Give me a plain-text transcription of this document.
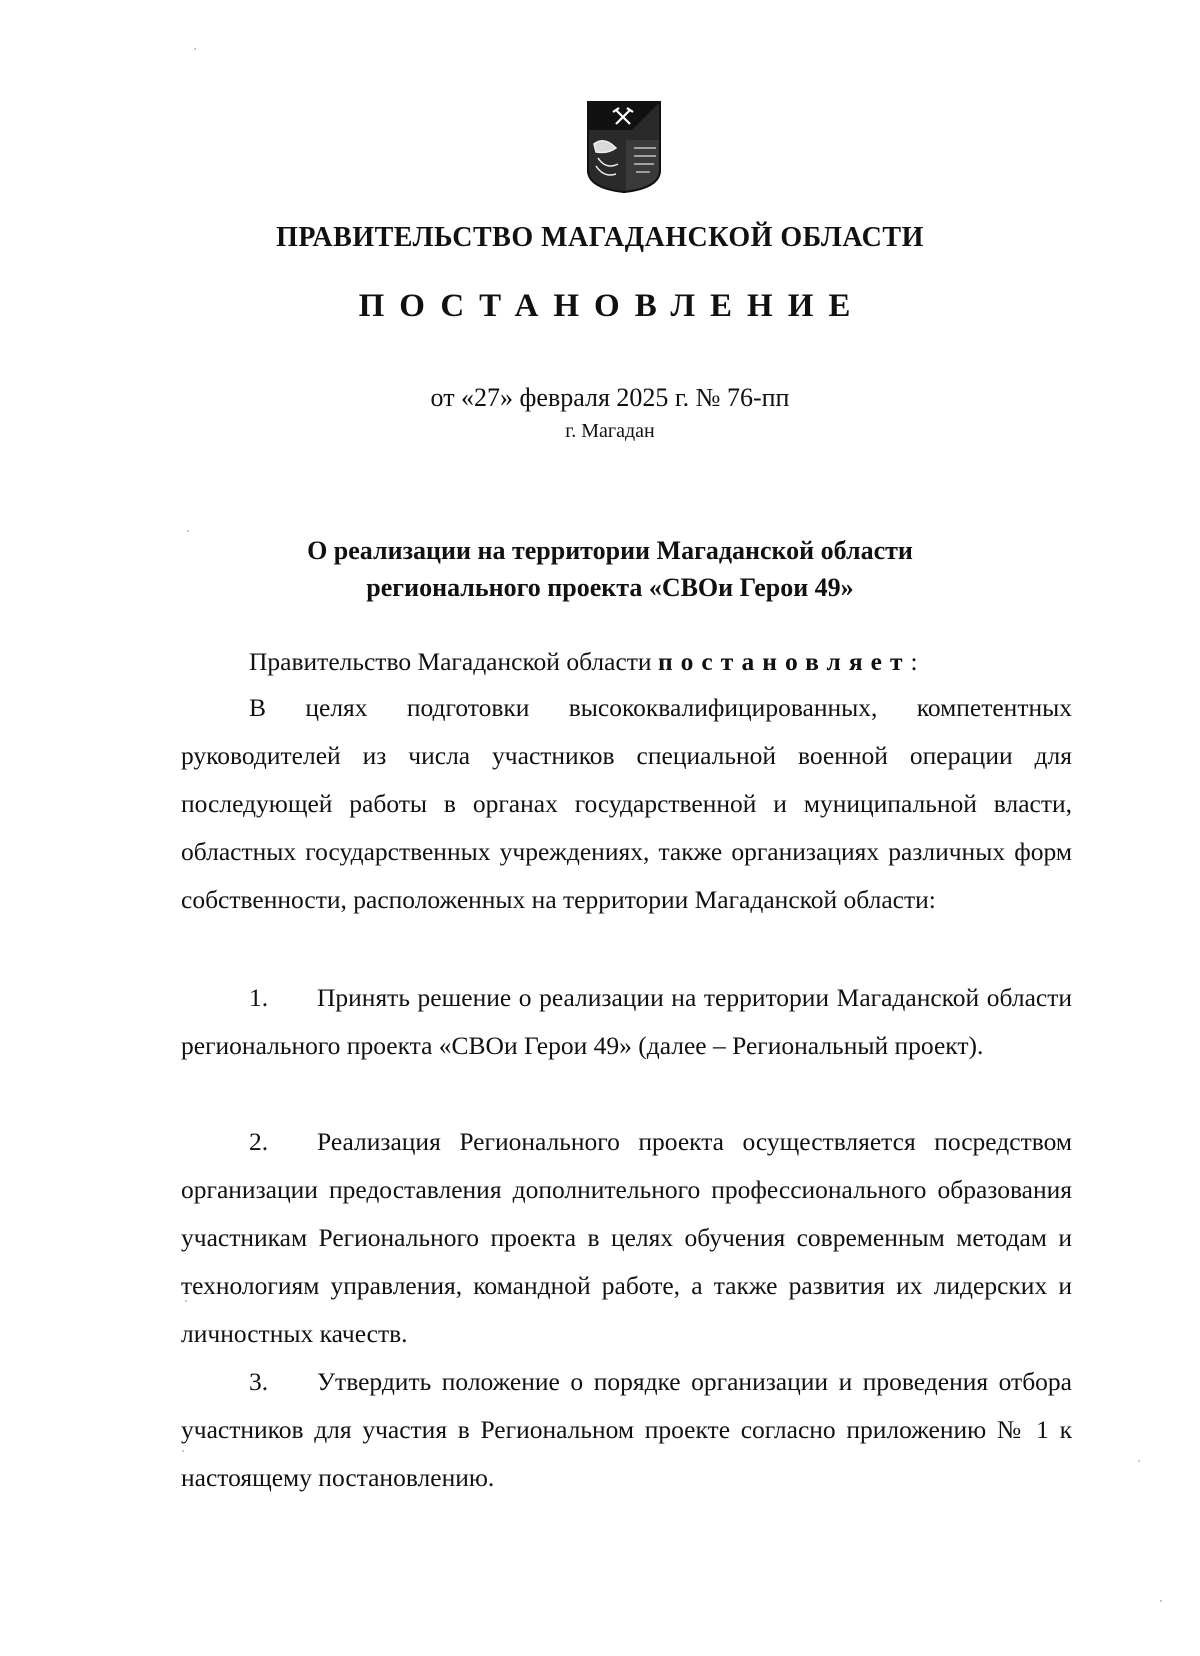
ПРАВИТЕЛЬСТВО МАГАДАНСКОЙ ОБЛАСТИ
ПОСТАНОВЛЕНИЕ
от «27» февраля 2025 г. № 76-пп
г. Магадан
О реализации на территории Магаданской области
регионального проекта «СВОи Герои 49»
Правительство Магаданской области постановляет:
В целях подготовки высококвалифицированных, компетентных руководителей из числа участников специальной военной операции для последующей работы в органах государственной и муниципальной власти, областных государственных учреждениях, также организациях различных форм собственности, расположенных на территории Магаданской области:
1. Принять решение о реализации на территории Магаданской области регионального проекта «СВОи Герои 49» (далее – Региональный проект).
2. Реализация Регионального проекта осуществляется посредством организации предоставления дополнительного профессионального образования участникам Регионального проекта в целях обучения современным методам и технологиям управления, командной работе, а также развития их лидерских и личностных качеств.
3. Утвердить положение о порядке организации и проведения отбора участников для участия в Региональном проекте согласно приложению № 1 к настоящему постановлению.
